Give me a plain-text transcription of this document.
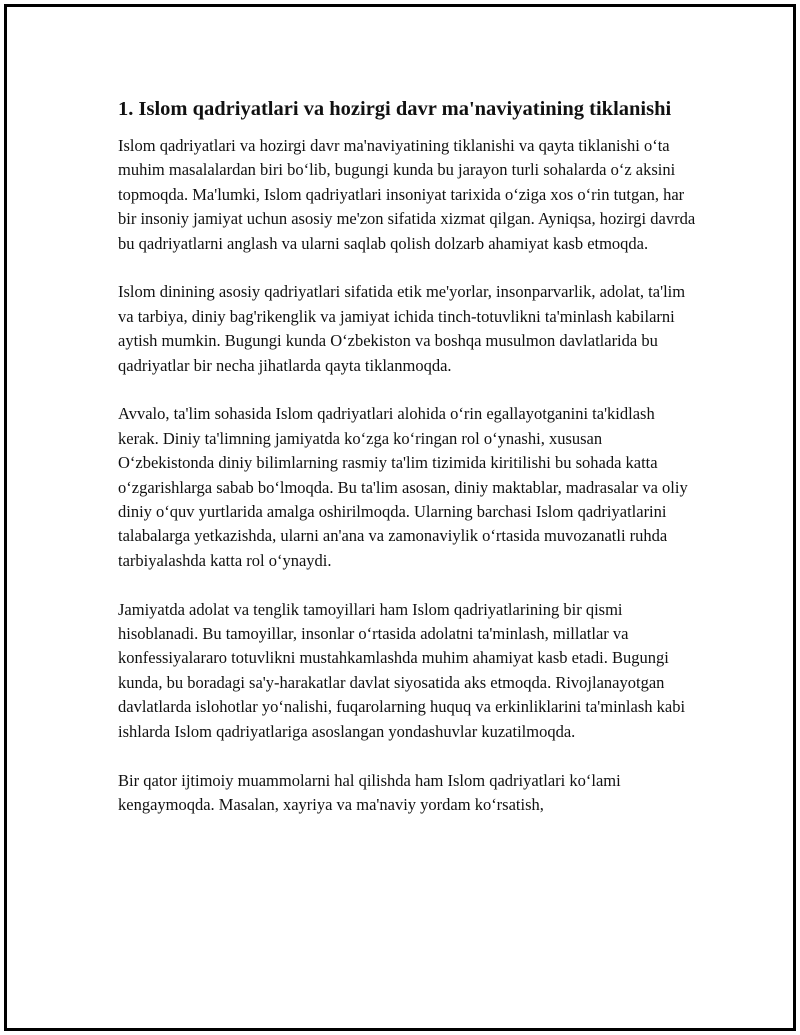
1. Islom qadriyatlari va hozirgi davr ma'naviyatining tiklanishi

Islom qadriyatlari va hozirgi davr ma'naviyatining tiklanishi va qayta tiklanishi o‘ta muhim masalalardan biri bo‘lib, bugungi kunda bu jarayon turli sohalarda o‘z aksini topmoqda. Ma'lumki, Islom qadriyatlari insoniyat tarixida o‘ziga xos o‘rin tutgan, har bir insoniy jamiyat uchun asosiy me'zon sifatida xizmat qilgan. Ayniqsa, hozirgi davrda bu qadriyatlarni anglash va ularni saqlab qolish dolzarb ahamiyat kasb etmoqda.

Islom dinining asosiy qadriyatlari sifatida etik me'yorlar, insonparvarlik, adolat, ta'lim va tarbiya, diniy bag'rikenglik va jamiyat ichida tinch-totuvlikni ta'minlash kabilarni aytish mumkin. Bugungi kunda O‘zbekiston va boshqa musulmon davlatlarida bu qadriyatlar bir necha jihatlarda qayta tiklanmoqda.

Avvalo, ta'lim sohasida Islom qadriyatlari alohida o‘rin egallayotganini ta'kidlash kerak. Diniy ta'limning jamiyatda ko‘zga ko‘ringan rol o‘ynashi, xususan O‘zbekistonda diniy bilimlarning rasmiy ta'lim tizimida kiritilishi bu sohada katta o‘zgarishlarga sabab bo‘lmoqda. Bu ta'lim asosan, diniy maktablar, madrasalar va oliy diniy o‘quv yurtlarida amalga oshirilmoqda. Ularning barchasi Islom qadriyatlarini talabalarga yetkazishda, ularni an'ana va zamonaviylik o‘rtasida muvozanatli ruhda tarbiyalashda katta rol o‘ynaydi.

Jamiyatda adolat va tenglik tamoyillari ham Islom qadriyatlarining bir qismi hisoblanadi. Bu tamoyillar, insonlar o‘rtasida adolatni ta'minlash, millatlar va konfessiyalararo totuvlikni mustahkamlashda muhim ahamiyat kasb etadi. Bugungi kunda, bu boradagi sa'y-harakatlar davlat siyosatida aks etmoqda. Rivojlanayotgan davlatlarda islohotlar yo‘nalishi, fuqarolarning huquq va erkinliklarini ta'minlash kabi ishlarda Islom qadriyatlariga asoslangan yondashuvlar kuzatilmoqda.

Bir qator ijtimoiy muammolarni hal qilishda ham Islom qadriyatlari ko‘lami kengaymoqda. Masalan, xayriya va ma'naviy yordam ko‘rsatish,
